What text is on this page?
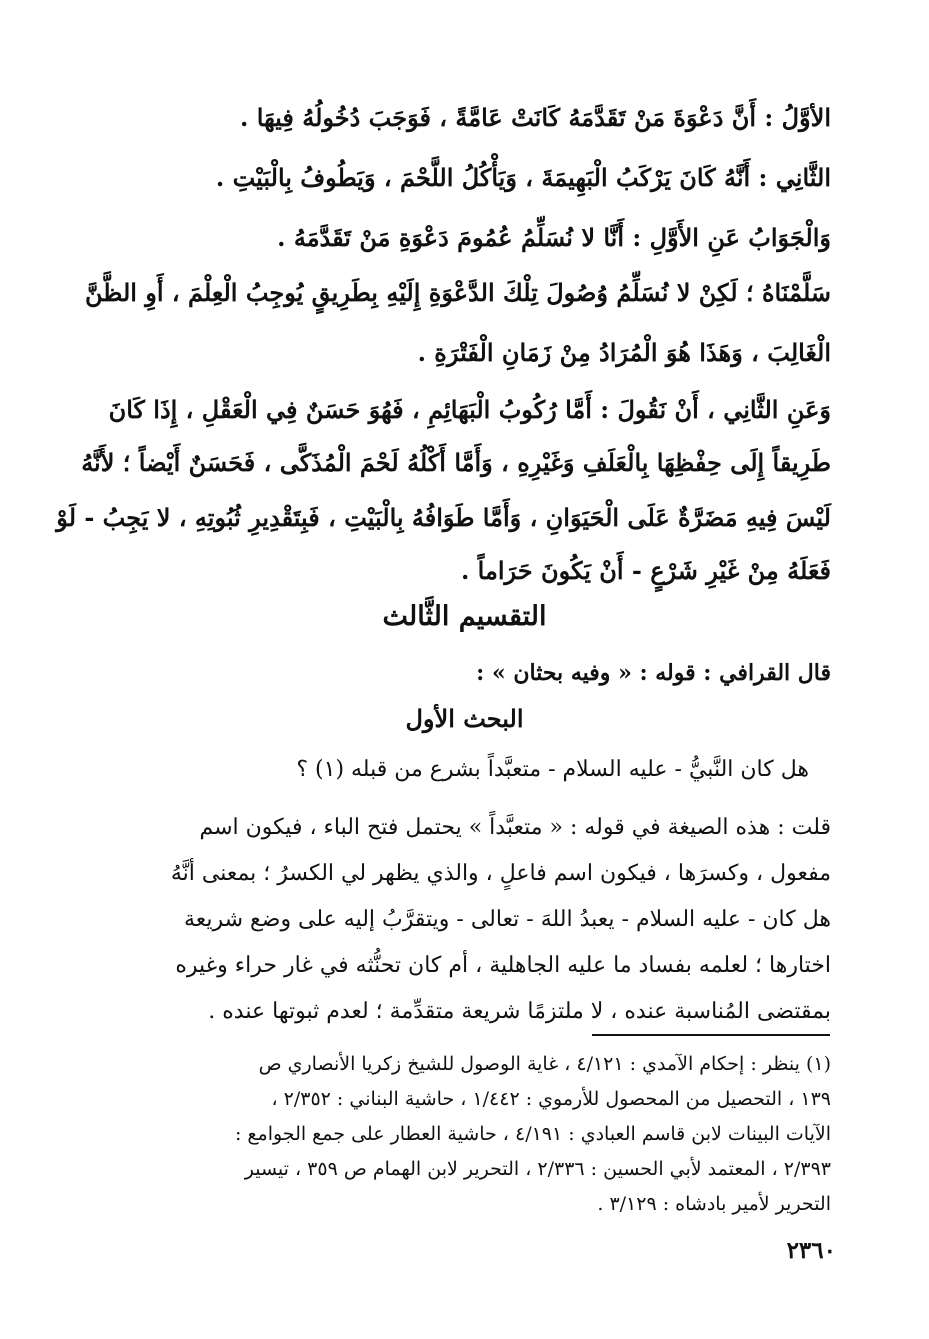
الأوَّلُ : أَنَّ دَعْوَةَ مَنْ تَقَدَّمَهُ كَانَتْ عَامَّةً ، فَوَجَبَ دُخُولُهُ فِيهَا .
الثَّانِي : أَنَّهُ كَانَ يَرْكَبُ الْبَهِيمَةَ ، وَيَأْكُلُ اللَّحْمَ ، وَيَطُوفُ بِالْبَيْتِ .
وَالْجَوَابُ عَنِ الأَوَّلِ : أَنَّا لا نُسَلِّمُ عُمُومَ دَعْوَةِ مَنْ تَقَدَّمَهُ .
سَلَّمْنَاهُ ؛ لَكِنْ لا نُسَلِّمُ وُصُولَ تِلْكَ الدَّعْوَةِ إِلَيْهِ بِطَرِيقٍ يُوجِبُ الْعِلْمَ ، أَوِ الظَّنَّ
الْغَالِبَ ، وَهَذَا هُوَ الْمُرَادُ مِنْ زَمَانِ الْفَتْرَةِ .
وَعَنِ الثَّانِي ، أَنْ نَقُولَ : أَمَّا رُكُوبُ الْبَهَائِمِ ، فَهُوَ حَسَنٌ فِي الْعَقْلِ ، إِذَا كَانَ
طَرِيقاً إِلَى حِفْظِهَا بِالْعَلَفِ وَغَيْرِهِ ، وَأَمَّا أَكْلُهُ لَحْمَ الْمُذَكَّى ، فَحَسَنٌ أَيْضاً ؛ لأَنَّهُ
لَيْسَ فِيهِ مَضَرَّةٌ عَلَى الْحَيَوَانِ ، وَأَمَّا طَوَافُهُ بِالْبَيْتِ ، فَبِتَقْدِيرِ ثُبُوتِهِ ، لا يَجِبُ - لَوْ
فَعَلَهُ مِنْ غَيْرِ شَرْعٍ - أَنْ يَكُونَ حَرَاماً .
التقسيم الثَّالث
قال القرافي : قوله : « وفيه بحثان » :
البحث الأول
هل كان النَّبيُّ - عليه السلام - متعبَّداً بشرع من قبله (١) ؟
قلت : هذه الصيغة في قوله : « متعبَّداً » يحتمل فتح الباء ، فيكون اسم
مفعول ، وكسرَها ، فيكون اسم فاعلٍ ، والذي يظهر لي الكسرُ ؛ بمعنى أنَّهُ
هل كان - عليه السلام - يعبدُ اللهَ - تعالى - ويتقرَّبُ إليه على وضع شريعة
اختارها ؛ لعلمه بفساد ما عليه الجاهلية ، أم كان تحنُّثه في غار حراء وغيره
بمقتضى المُناسبة عنده ، لا ملتزمًا شريعة متقدِّمة ؛ لعدم ثبوتها عنده .
(١) ينظر : إحكام الآمدي : ٤/١٢١ ، غاية الوصول للشيخ زكريا الأنصاري ص
١٣٩ ، التحصيل من المحصول للأرموي : ١/٤٤٢ ، حاشية البناني : ٢/٣٥٢ ،
الآيات البينات لابن قاسم العبادي : ٤/١٩١ ، حاشية العطار على جمع الجوامع :
٢/٣٩٣ ، المعتمد لأبي الحسين : ٢/٣٣٦ ، التحرير لابن الهمام ص ٣٥٩ ، تيسير
التحرير لأمير بادشاه : ٣/١٢٩ .
٢٣٦٠
